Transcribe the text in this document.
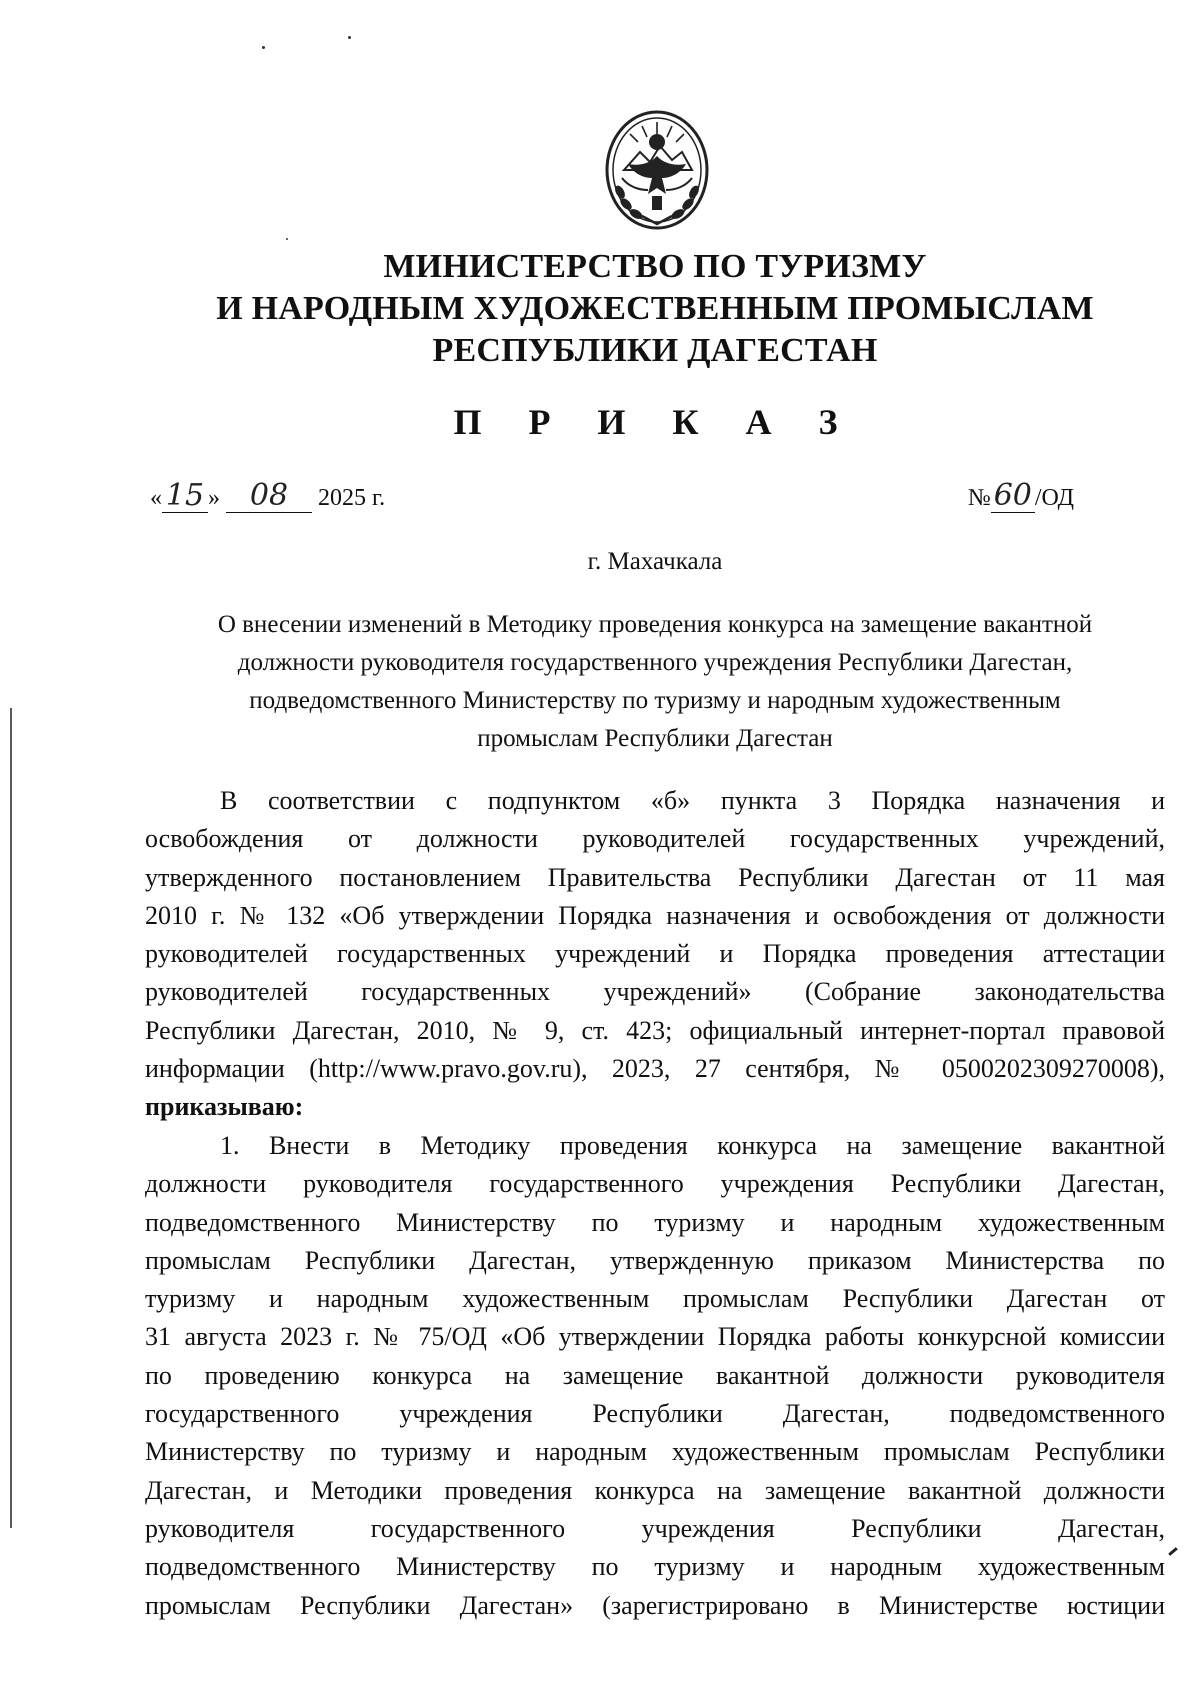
МИНИСТЕРСТВО ПО ТУРИЗМУ
И НАРОДНЫМ ХУДОЖЕСТВЕННЫМ ПРОМЫСЛАМ
РЕСПУБЛИКИ ДАГЕСТАН
П Р И К А З
« 15 » 08 2025 г.	№60 /ОД
г. Махачкала
О внесении изменений в Методику проведения конкурса на замещение вакантной
должности руководителя государственного учреждения Республики Дагестан,
подведомственного Министерству по туризму и народным художественным
промыслам Республики Дагестан
В соответствии с подпунктом «б» пункта 3 Порядка назначения и
освобождения от должности руководителей государственных учреждений,
утвержденного постановлением Правительства Республики Дагестан от 11 мая
2010 г. № 132 «Об утверждении Порядка назначения и освобождения от должности
руководителей государственных учреждений и Порядка проведения аттестации
руководителей государственных учреждений» (Собрание законодательства
Республики Дагестан, 2010, № 9, ст. 423; официальный интернет-портал правовой
информации (http://www.pravo.gov.ru), 2023, 27 сентября, № 0500202309270008),
приказываю:
1. Внести в Методику проведения конкурса на замещение вакантной
должности руководителя государственного учреждения Республики Дагестан,
подведомственного Министерству по туризму и народным художественным
промыслам Республики Дагестан, утвержденную приказом Министерства по
туризму и народным художественным промыслам Республики Дагестан от
31 августа 2023 г. № 75/ОД «Об утверждении Порядка работы конкурсной комиссии
по проведению конкурса на замещение вакантной должности руководителя
государственного учреждения Республики Дагестан, подведомственного
Министерству по туризму и народным художественным промыслам Республики
Дагестан, и Методики проведения конкурса на замещение вакантной должности
руководителя государственного учреждения Республики Дагестан,
подведомственного Министерству по туризму и народным художественным
промыслам Республики Дагестан» (зарегистрировано в Министерстве юстиции
